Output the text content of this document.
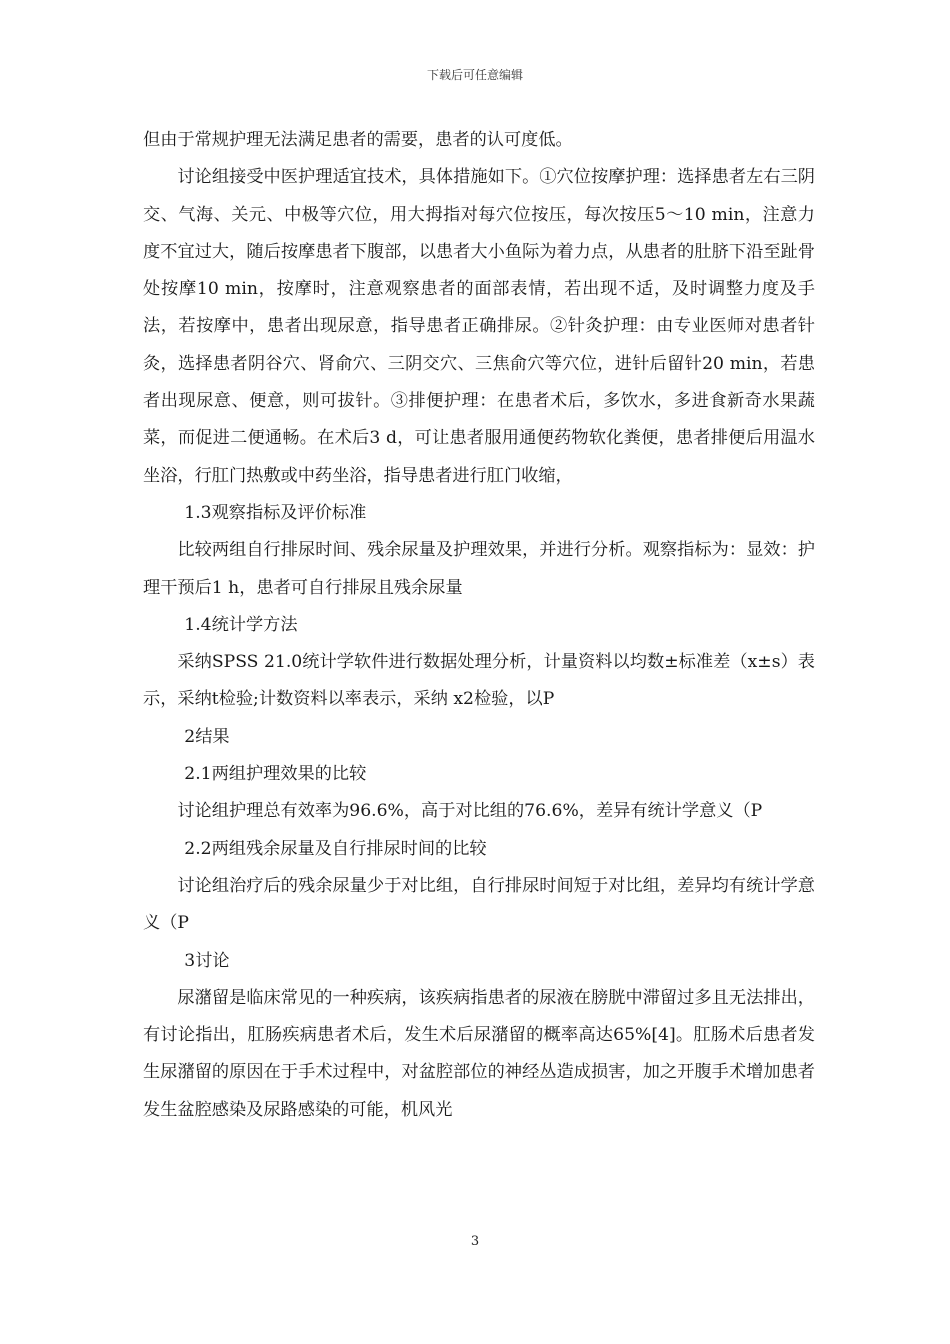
下载后可任意编辑

但由于常规护理无法满足患者的需要，患者的认可度低。

讨论组接受中医护理适宜技术，具体措施如下。①穴位按摩护理：选择患者左右三阴交、气海、关元、中极等穴位，用大拇指对每穴位按压，每次按压5～10 min，注意力度不宜过大，随后按摩患者下腹部，以患者大小鱼际为着力点，从患者的肚脐下沿至趾骨处按摩10 min，按摩时，注意观察患者的面部表情，若出现不适，及时调整力度及手法，若按摩中，患者出现尿意，指导患者正确排尿。②针灸护理：由专业医师对患者针灸，选择患者阴谷穴、肾俞穴、三阴交穴、三焦俞穴等穴位，进针后留针20 min，若患者出现尿意、便意，则可拔针。③排便护理：在患者术后，多饮水，多进食新奇水果蔬菜，而促进二便通畅。在术后3 d，可让患者服用通便药物软化粪便，患者排便后用温水坐浴，行肛门热敷或中药坐浴，指导患者进行肛门收缩，

1.3观察指标及评价标准

比较两组自行排尿时间、残余尿量及护理效果，并进行分析。观察指标为：显效：护理干预后1 h，患者可自行排尿且残余尿量

1.4统计学方法

采纳SPSS 21.0统计学软件进行数据处理分析，计量资料以均数±标准差（x±s）表示，采纳t检验;计数资料以率表示，采纳 x2检验，以P

2结果

2.1两组护理效果的比较

讨论组护理总有效率为96.6%，高于对比组的76.6%，差异有统计学意义（P

2.2两组残余尿量及自行排尿时间的比较

讨论组治疗后的残余尿量少于对比组，自行排尿时间短于对比组，差异均有统计学意义（P

3讨论

尿潴留是临床常见的一种疾病，该疾病指患者的尿液在膀胱中滞留过多且无法排出，有讨论指出，肛肠疾病患者术后，发生术后尿潴留的概率高达65%[4]。肛肠术后患者发生尿潴留的原因在于手术过程中，对盆腔部位的神经丛造成损害，加之开腹手术增加患者发生盆腔感染及尿路感染的可能，机风光

3
